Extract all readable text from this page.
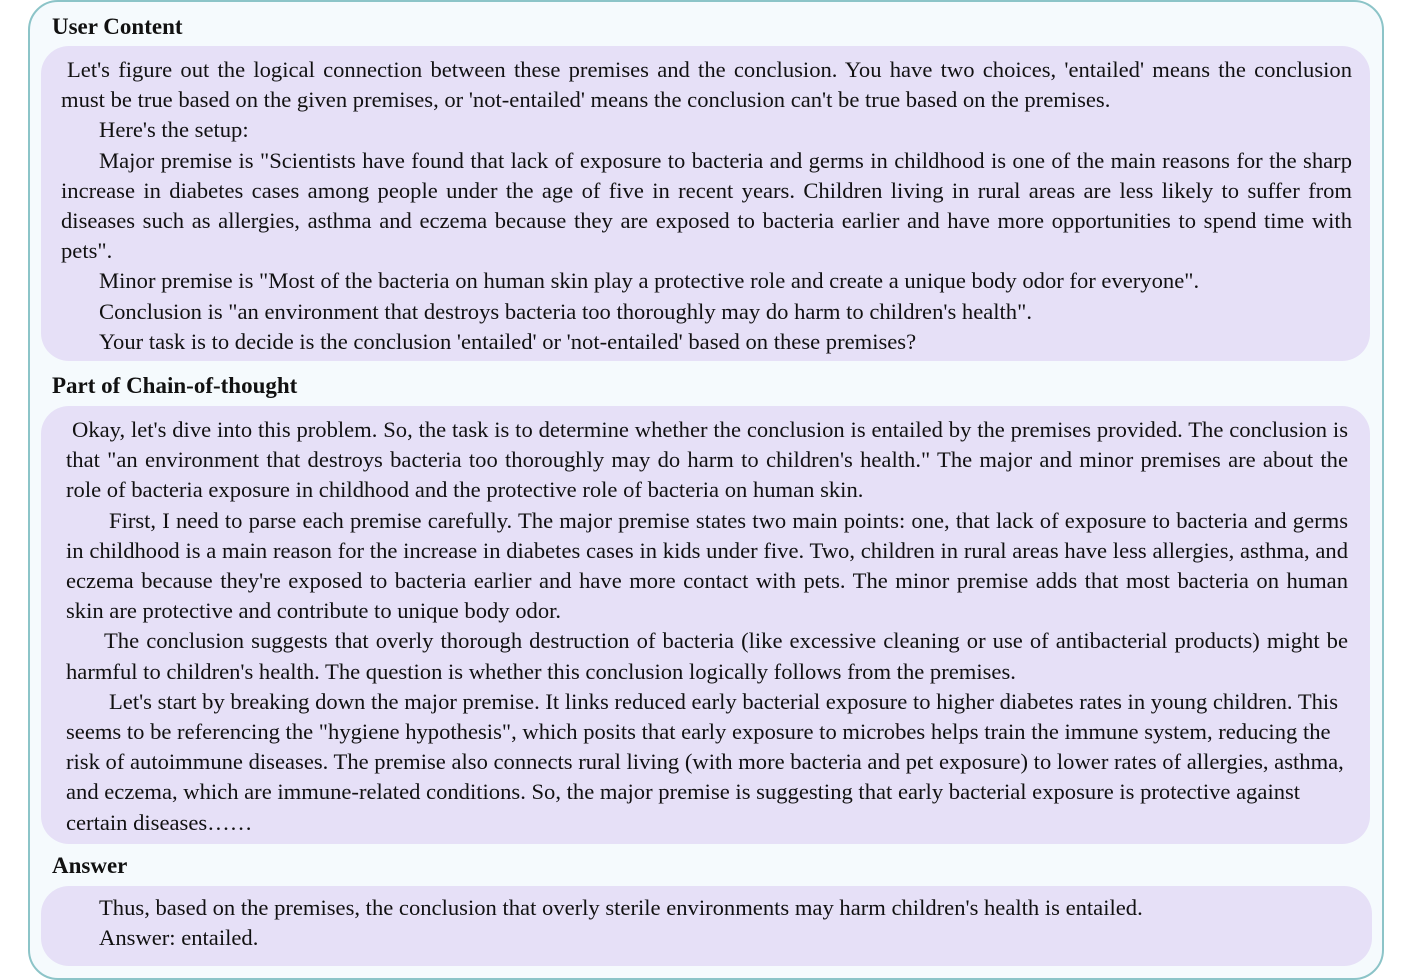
User Content

Let's figure out the logical connection between these premises and the conclusion. You have two choices, 'entailed' means the conclusion must be true based on the given premises, or 'not-entailed' means the conclusion can't be true based on the premises.

Here's the setup:

Major premise is "Scientists have found that lack of exposure to bacteria and germs in childhood is one of the main reasons for the sharp increase in diabetes cases among people under the age of five in recent years. Children living in rural areas are less likely to suffer from diseases such as allergies, asthma and eczema because they are exposed to bacteria earlier and have more opportunities to spend time with pets".

Minor premise is "Most of the bacteria on human skin play a protective role and create a unique body odor for everyone".

Conclusion is "an environment that destroys bacteria too thoroughly may do harm to children's health".

Your task is to decide is the conclusion 'entailed' or 'not-entailed' based on these premises?

Part of Chain-of-thought

Okay, let's dive into this problem. So, the task is to determine whether the conclusion is entailed by the premises provided. The conclusion is that "an environment that destroys bacteria too thoroughly may do harm to children's health." The major and minor premises are about the role of bacteria exposure in childhood and the protective role of bacteria on human skin.

First, I need to parse each premise carefully. The major premise states two main points: one, that lack of exposure to bacteria and germs in childhood is a main reason for the increase in diabetes cases in kids under five. Two, children in rural areas have less allergies, asthma, and eczema because they're exposed to bacteria earlier and have more contact with pets. The minor premise adds that most bacteria on human skin are protective and contribute to unique body odor.

The conclusion suggests that overly thorough destruction of bacteria (like excessive cleaning or use of antibacterial products) might be harmful to children's health. The question is whether this conclusion logically follows from the premises.

Let's start by breaking down the major premise. It links reduced early bacterial exposure to higher diabetes rates in young children. This seems to be referencing the "hygiene hypothesis", which posits that early exposure to microbes helps train the immune system, reducing the risk of autoimmune diseases. The premise also connects rural living (with more bacteria and pet exposure) to lower rates of allergies, asthma, and eczema, which are immune-related conditions. So, the major premise is suggesting that early bacterial exposure is protective against certain diseases……

Answer

Thus, based on the premises, the conclusion that overly sterile environments may harm children's health is entailed.

Answer: entailed.
